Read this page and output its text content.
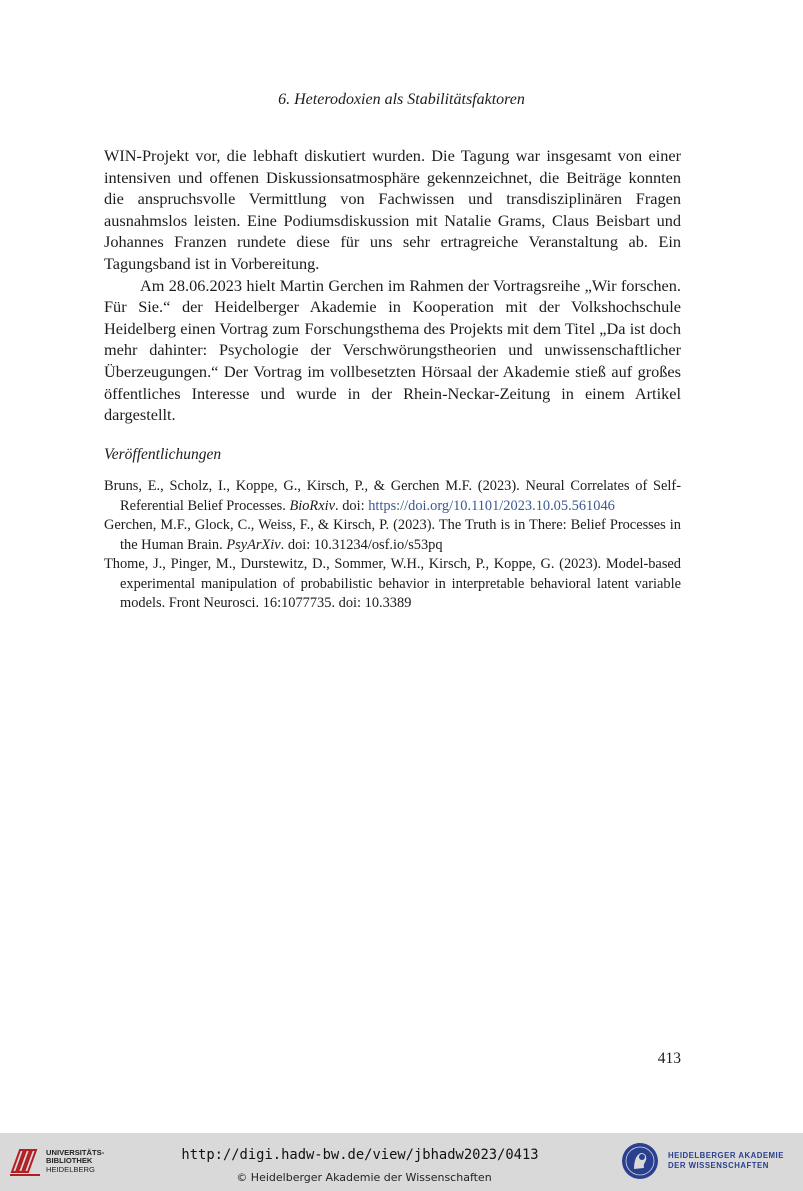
6. Heterodoxien als Stabilitätsfaktoren

WIN-Projekt vor, die lebhaft diskutiert wurden. Die Tagung war insgesamt von einer intensiven und offenen Diskussionsatmosphäre gekennzeichnet, die Beiträge konnten die anspruchsvolle Vermittlung von Fachwissen und transdisziplinären Fragen ausnahmslos leisten. Eine Podiumsdiskussion mit Natalie Grams, Claus Beisbart und Johannes Franzen rundete diese für uns sehr ertragreiche Veranstaltung ab. Ein Tagungsband ist in Vorbereitung.

Am 28.06.2023 hielt Martin Gerchen im Rahmen der Vortragsreihe „Wir forschen. Für Sie.“ der Heidelberger Akademie in Kooperation mit der Volkshochschule Heidelberg einen Vortrag zum Forschungsthema des Projekts mit dem Titel „Da ist doch mehr dahinter: Psychologie der Verschwörungstheorien und unwissenschaftlicher Überzeugungen.“ Der Vortrag im vollbesetzten Hörsaal der Akademie stieß auf großes öffentliches Interesse und wurde in der Rhein-Neckar-Zeitung in einem Artikel dargestellt.

Veröffentlichungen

Bruns, E., Scholz, I., Koppe, G., Kirsch, P., & Gerchen M.F. (2023). Neural Correlates of Self-Referential Belief Processes. BioRxiv. doi: https://doi.org/10.1101/2023.10.05.561046

Gerchen, M.F., Glock, C., Weiss, F., & Kirsch, P. (2023). The Truth is in There: Belief Processes in the Human Brain. PsyArXiv. doi: 10.31234/osf.io/s53pq

Thome, J., Pinger, M., Durstewitz, D., Sommer, W.H., Kirsch, P., Koppe, G. (2023). Model-based experimental manipulation of probabilistic behavior in interpretable behavioral latent variable models. Front Neurosci. 16:1077735. doi: 10.3389

413
UNIVERSITÄTS-
BIBLIOTHEK
HEIDELBERG
http://digi.hadw-bw.de/view/jbhadw2023/0413
© Heidelberger Akademie der Wissenschaften
HEIDELBERGER AKADEMIE
DER WISSENSCHAFTEN
